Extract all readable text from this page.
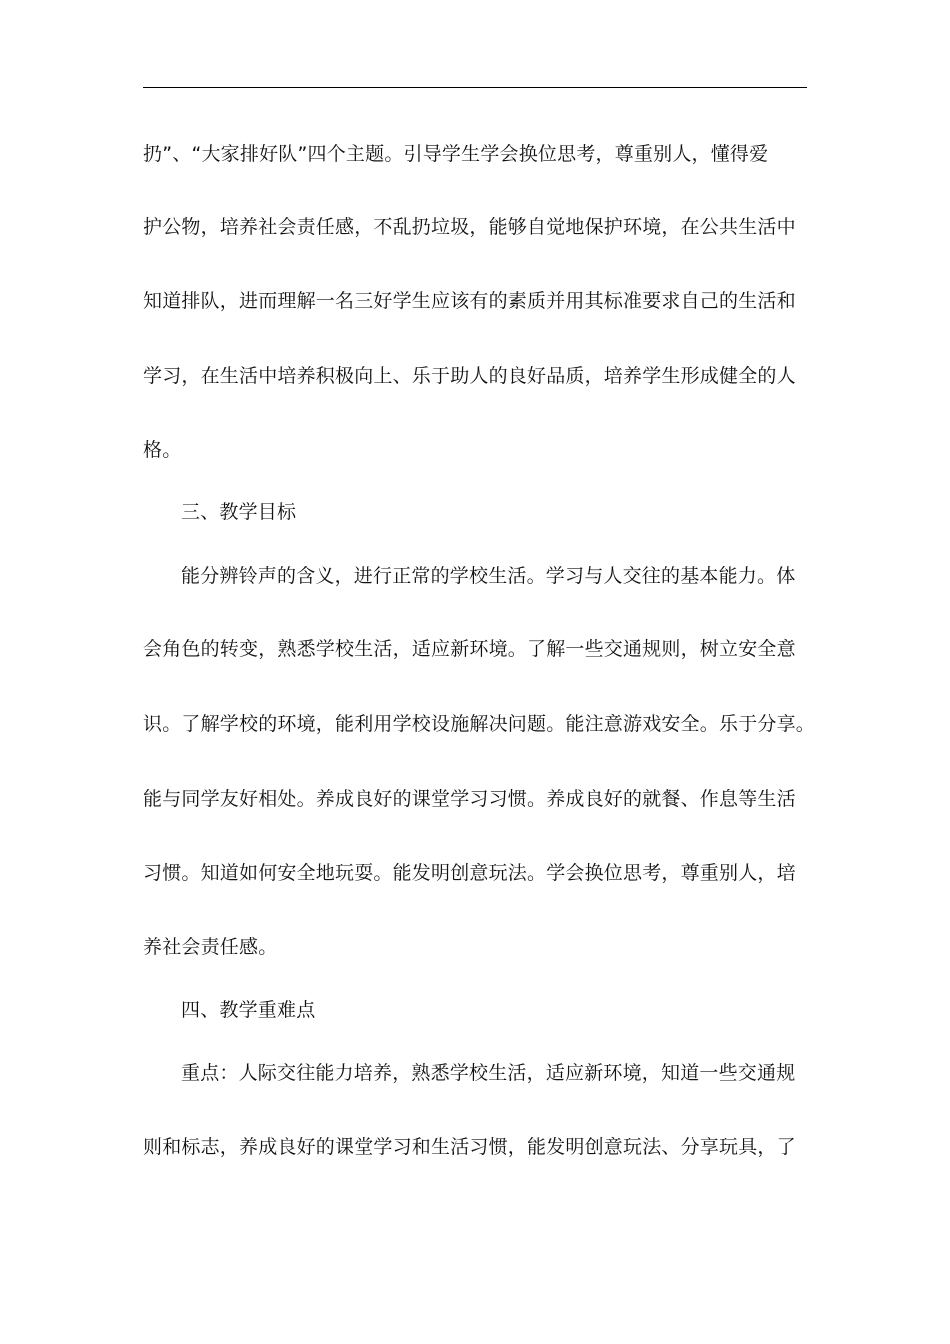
扔”、“大家排好队”四个主题。引导学生学会换位思考，尊重别人，懂得爱
护公物，培养社会责任感，不乱扔垃圾，能够自觉地保护环境，在公共生活中
知道排队，进而理解一名三好学生应该有的素质并用其标准要求自己的生活和
学习，在生活中培养积极向上、乐于助人的良好品质，培养学生形成健全的人
格。
三、教学目标
能分辨铃声的含义，进行正常的学校生活。学习与人交往的基本能力。体
会角色的转变，熟悉学校生活，适应新环境。了解一些交通规则，树立安全意
识。了解学校的环境，能利用学校设施解决问题。能注意游戏安全。乐于分享。
能与同学友好相处。养成良好的课堂学习习惯。养成良好的就餐、作息等生活
习惯。知道如何安全地玩耍。能发明创意玩法。学会换位思考，尊重别人，培
养社会责任感。
四、教学重难点
重点：人际交往能力培养，熟悉学校生活，适应新环境，知道一些交通规
则和标志，养成良好的课堂学习和生活习惯，能发明创意玩法、分享玩具，了
